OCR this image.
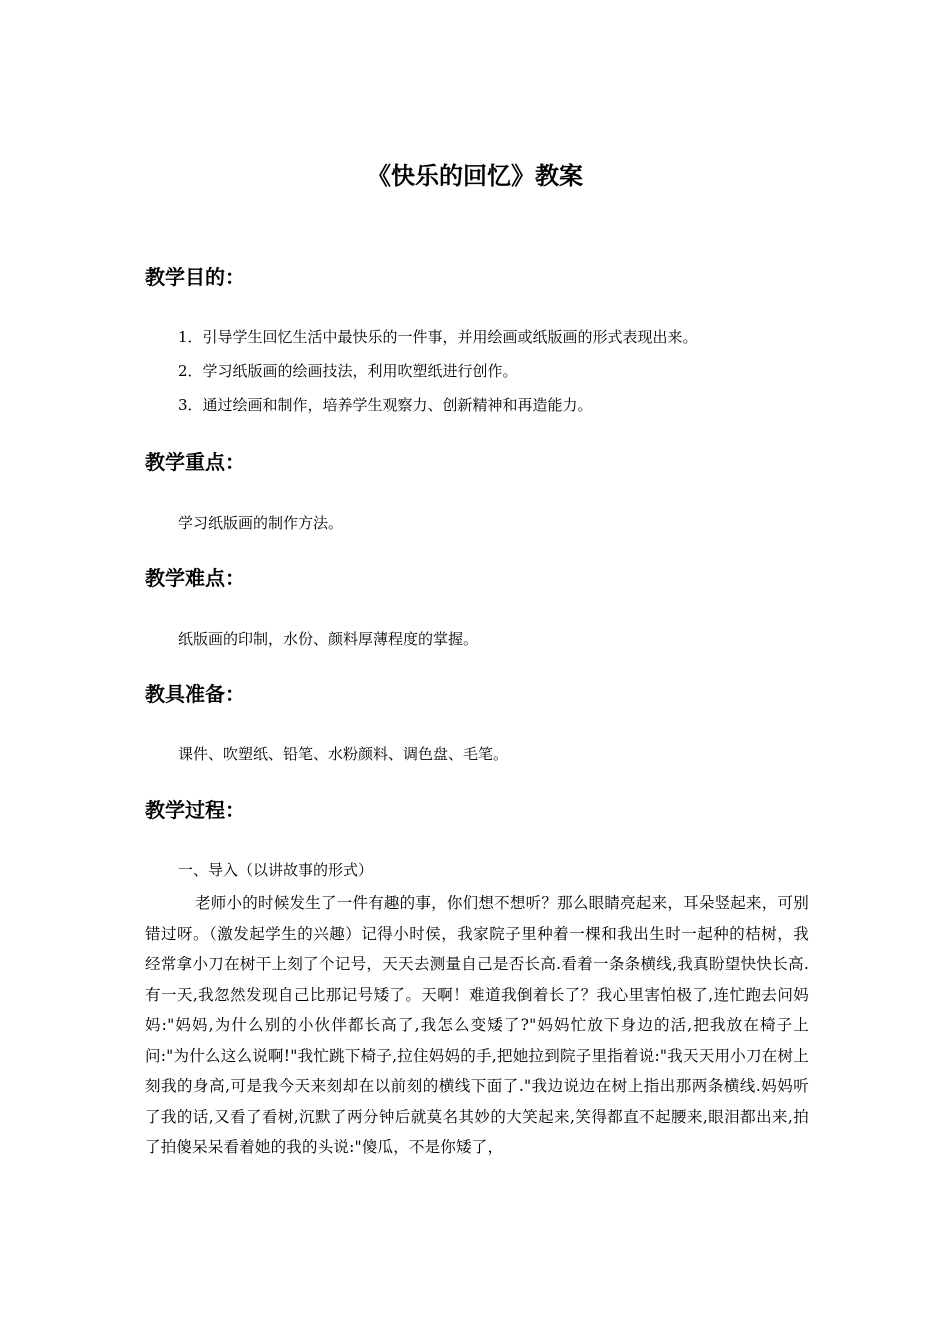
《快乐的回忆》教案
教学目的：
1．引导学生回忆生活中最快乐的一件事，并用绘画或纸版画的形式表现出来。
2．学习纸版画的绘画技法，利用吹塑纸进行创作。
3．通过绘画和制作，培养学生观察力、创新精神和再造能力。
教学重点：
学习纸版画的制作方法。
教学难点：
纸版画的印制，水份、颜料厚薄程度的掌握。
教具准备：
课件、吹塑纸、铅笔、水粉颜料、调色盘、毛笔。
教学过程：
一、导入（以讲故事的形式）
老师小的时候发生了一件有趣的事，你们想不想听？那么眼睛亮起来，耳朵竖起来，可别错过呀。（激发起学生的兴趣）记得小时侯，我家院子里种着一棵和我出生时一起种的桔树，我经常拿小刀在树干上刻了个记号，天天去测量自己是否长高.看着一条条横线,我真盼望快快长高.有一天,我忽然发现自己比那记号矮了。天啊！难道我倒着长了？我心里害怕极了,连忙跑去问妈妈:"妈妈,为什么别的小伙伴都长高了,我怎么变矮了?"妈妈忙放下身边的活,把我放在椅子上问:"为什么这么说啊!"我忙跳下椅子,拉住妈妈的手,把她拉到院子里指着说:"我天天用小刀在树上刻我的身高,可是我今天来刻却在以前刻的横线下面了."我边说边在树上指出那两条横线.妈妈听了我的话,又看了看树,沉默了两分钟后就莫名其妙的大笑起来,笑得都直不起腰来,眼泪都出来,拍了拍傻呆呆看着她的我的头说:"傻瓜，不是你矮了，
